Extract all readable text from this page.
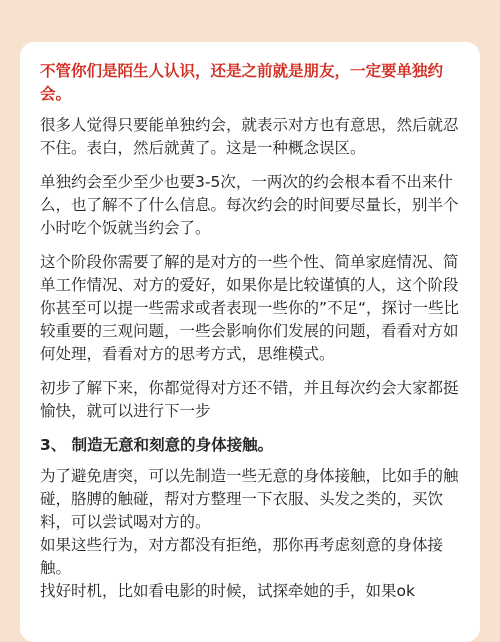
不管你们是陌生人认识，还是之前就是朋友，一定要单独约会。

很多人觉得只要能单独约会，就表示对方也有意思，然后就忍不住。表白，然后就黄了。这是一种概念误区。

单独约会至少至少也要3-5次，一两次的约会根本看不出来什么，也了解不了什么信息。每次约会的时间要尽量长，别半个小时吃个饭就当约会了。

这个阶段你需要了解的是对方的一些个性、简单家庭情况、简单工作情况、对方的爱好，如果你是比较谨慎的人，这个阶段你甚至可以提一些需求或者表现一些你的”不足“，探讨一些比较重要的三观问题，一些会影响你们发展的问题，看看对方如何处理，看看对方的思考方式，思维模式。

初步了解下来，你都觉得对方还不错，并且每次约会大家都挺愉快，就可以进行下一步

3、 制造无意和刻意的身体接触。

为了避免唐突，可以先制造一些无意的身体接触，比如手的触碰，胳膊的触碰，帮对方整理一下衣服、头发之类的，买饮料，可以尝试喝对方的。

如果这些行为，对方都没有拒绝，那你再考虑刻意的身体接触。

找好时机，比如看电影的时候，试探牵她的手，如果ok
